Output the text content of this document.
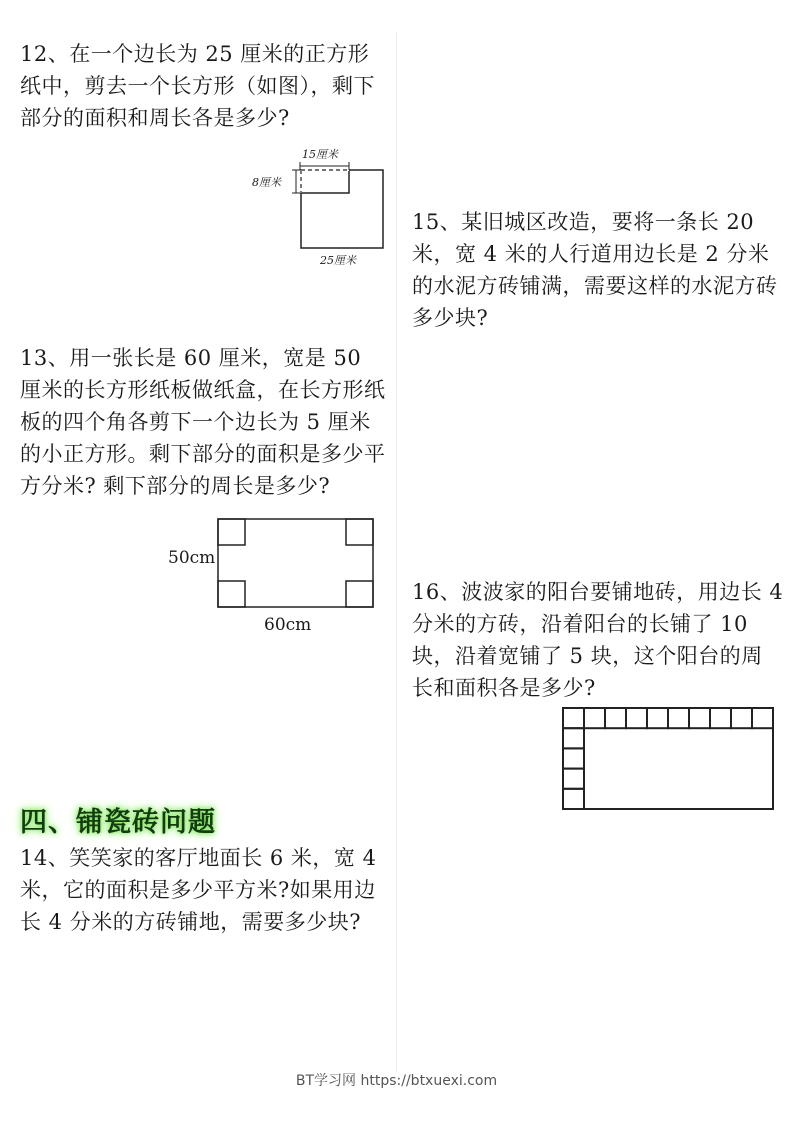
12、在一个边长为 25 厘米的正方形纸中，剪去一个长方形（如图），剩下部分的面积和周长各是多少?

15厘米
8厘米
25厘米

13、用一张长是 60 厘米，宽是 50 厘米的长方形纸板做纸盒，在长方形纸板的四个角各剪下一个边长为 5 厘米的小正方形。剩下部分的面积是多少平方分米? 剩下部分的周长是多少?

50cm
60cm
四、铺瓷砖问题

14、笑笑家的客厅地面长 6 米，宽 4 米，它的面积是多少平方米?如果用边长 4 分米的方砖铺地，需要多少块?

15、某旧城区改造，要将一条长 20 米，宽 4 米的人行道用边长是 2 分米的水泥方砖铺满，需要这样的水泥方砖多少块?

16、波波家的阳台要铺地砖，用边长 4 分米的方砖，沿着阳台的长铺了 10 块，沿着宽铺了 5 块，这个阳台的周长和面积各是多少?

BT学习网 https://btxuexi.com
